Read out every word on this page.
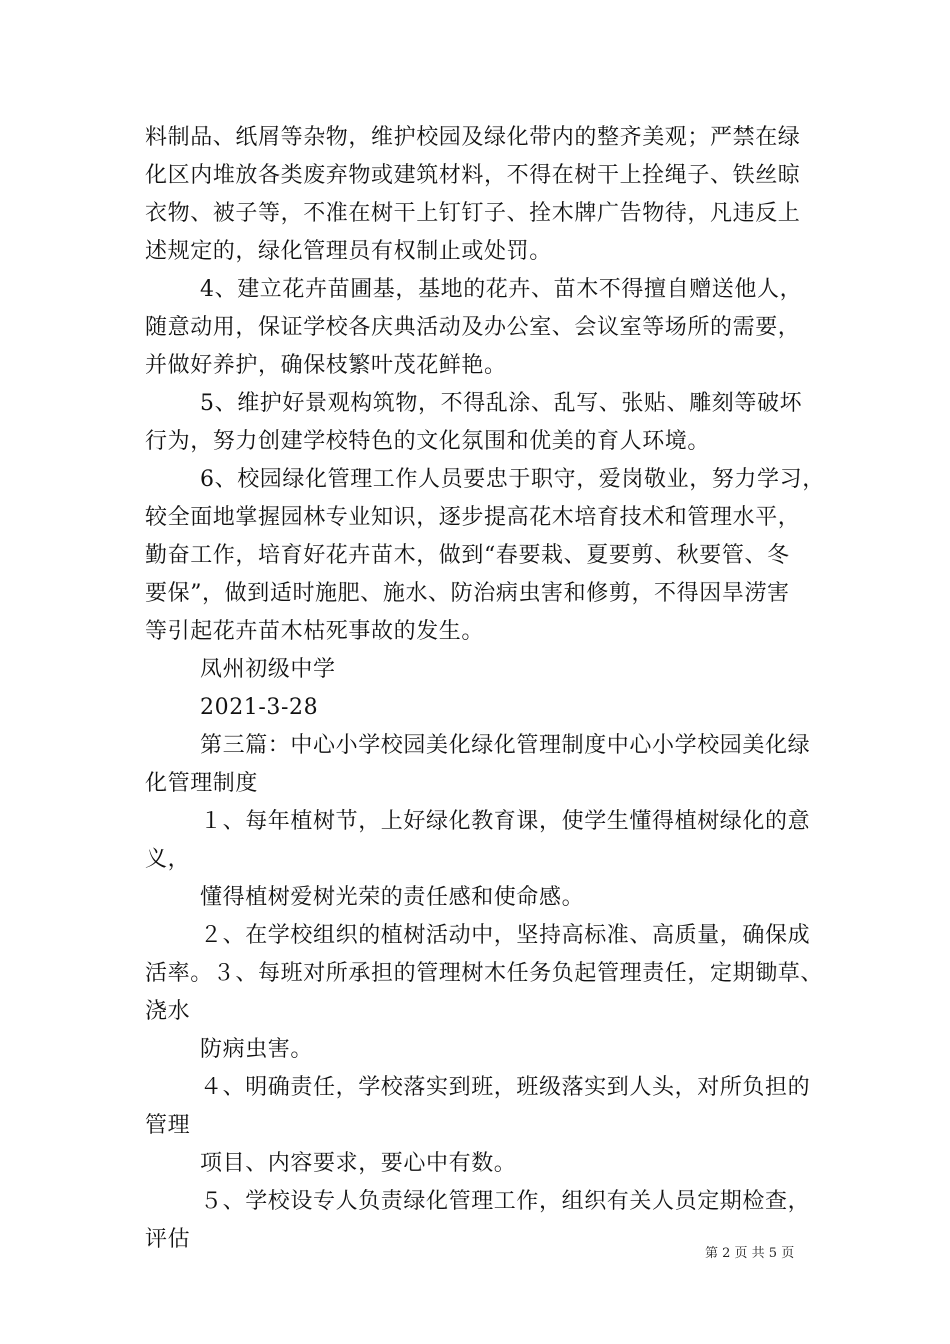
料制品、纸屑等杂物，维护校园及绿化带内的整齐美观；严禁在绿
化区内堆放各类废弃物或建筑材料，不得在树干上拴绳子、铁丝晾
衣物、被子等，不准在树干上钉钉子、拴木牌广告物待，凡违反上
述规定的，绿化管理员有权制止或处罚。
4、建立花卉苗圃基，基地的花卉、苗木不得擅自赠送他人，
随意动用，保证学校各庆典活动及办公室、会议室等场所的需要，
并做好养护，确保枝繁叶茂花鲜艳。
5、维护好景观构筑物，不得乱涂、乱写、张贴、雕刻等破坏
行为，努力创建学校特色的文化氛围和优美的育人环境。
6、校园绿化管理工作人员要忠于职守，爱岗敬业，努力学习，
较全面地掌握园林专业知识，逐步提高花木培育技术和管理水平，
勤奋工作，培育好花卉苗木，做到“春要栽、夏要剪、秋要管、冬
要保”，做到适时施肥、施水、防治病虫害和修剪，不得因旱涝害
等引起花卉苗木枯死事故的发生。
凤州初级中学
2021-3-28
第三篇：中心小学校园美化绿化管理制度中心小学校园美化绿
化管理制度
１、每年植树节，上好绿化教育课，使学生懂得植树绿化的意
义，
懂得植树爱树光荣的责任感和使命感。
２、在学校组织的植树活动中，坚持高标准、高质量，确保成
活率。３、每班对所承担的管理树木任务负起管理责任，定期锄草、
浇水
防病虫害。
４、明确责任，学校落实到班，班级落实到人头，对所负担的
管理
项目、内容要求，要心中有数。
５、学校设专人负责绿化管理工作，组织有关人员定期检查，
评估
第 2 页 共 5 页
